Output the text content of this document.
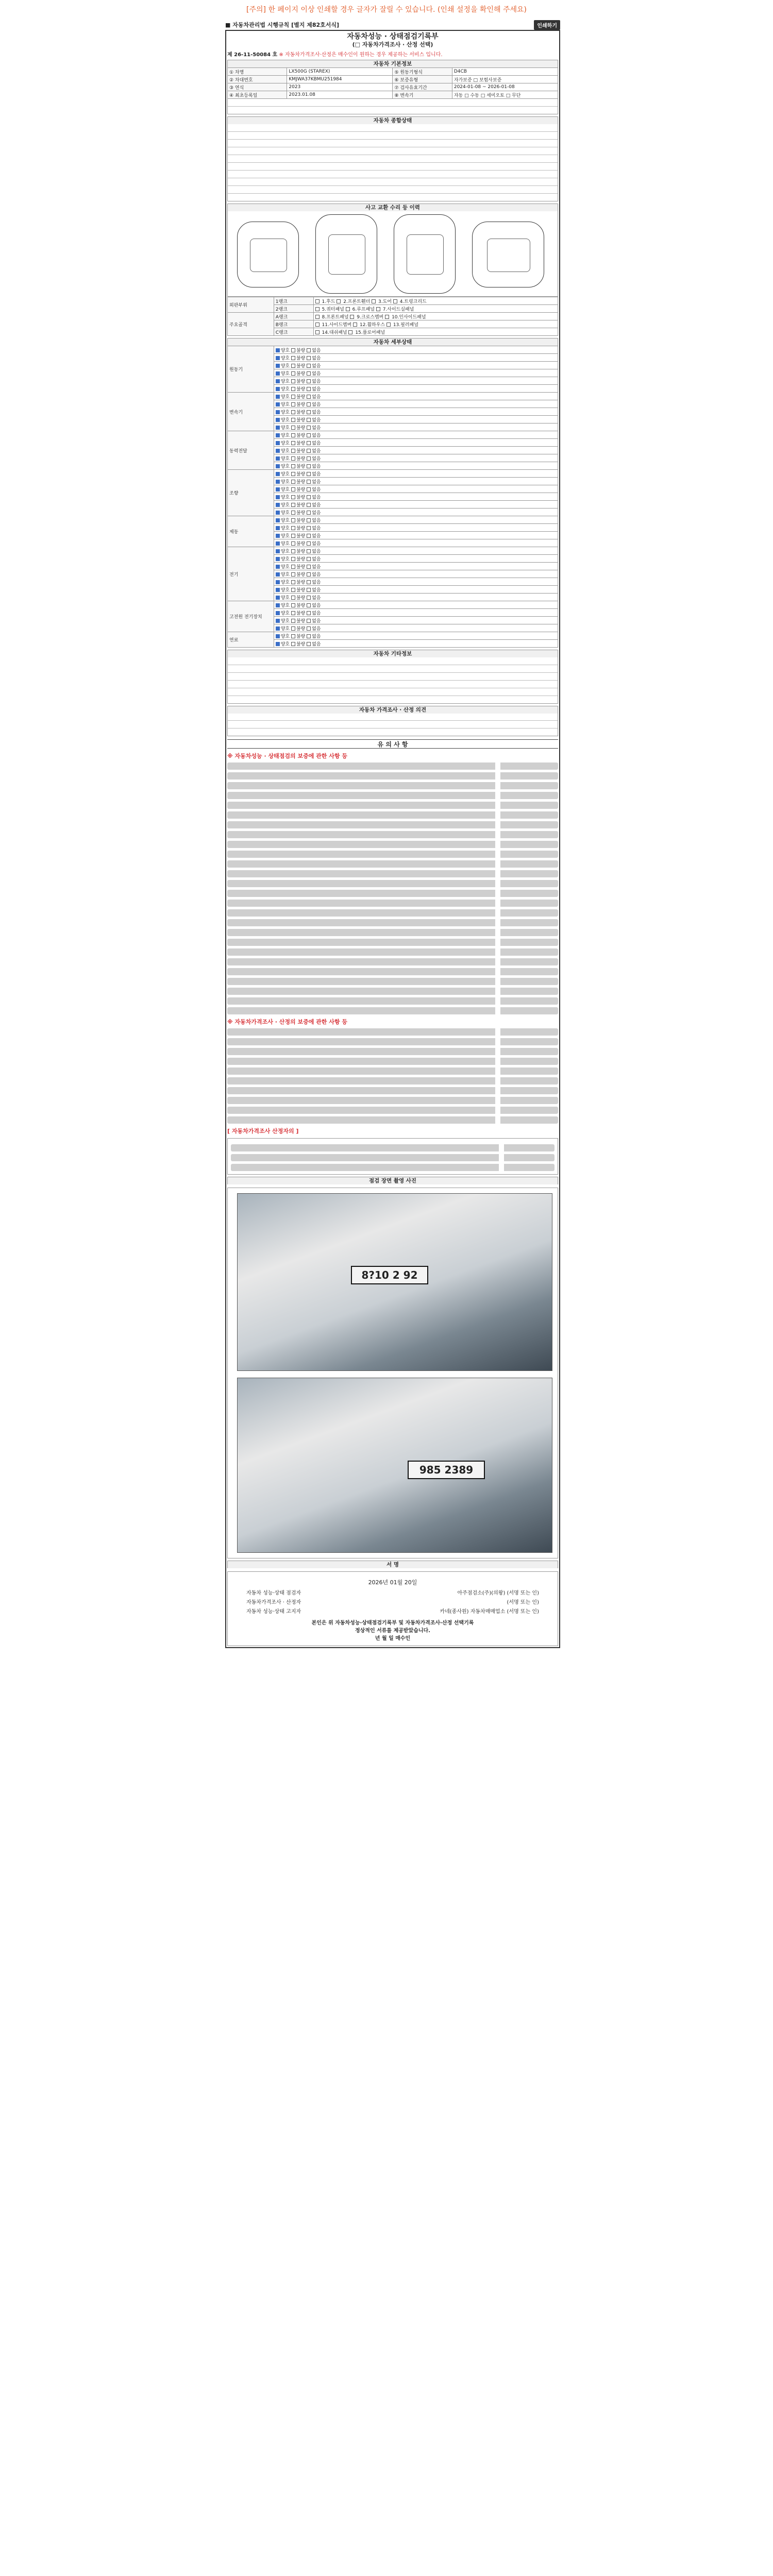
[주의] 한 페이지 이상 인쇄할 경우 글자가 잘릴 수 있습니다. (인쇄 설정을 확인해 주세요)
■ 자동차관리법 시행규칙 [별지 제82호서식]	인쇄하기
자동차성능 · 상태점검기록부
(□ 자동차가격조사 · 산정 선택)
제 26-11-50084 호 ※ 자동차가격조사·산정은 매수인이 원하는 경우 제공하는 서비스 입니다.
자동차 기본정보
① 차명	LX500G (STAREX)	⑤ 원동기형식	D4CB
② 차대번호	KMJWA37KBMU251984	⑥ 보증유형	자가보증 □ 보험사보증
③ 연식	2023	⑦ 검사유효기간	2024-01-08 ~ 2026-01-08
④ 최초등록일	2023.01.08	⑧ 변속기	자동 □ 수동 □ 세미오토 □ 무단
자동차 종합상태
사고 교환 수리 등 이력
외판부위	1랭크	1.후드  2.프론트휀더  3.도어  4.트렁크리드
	2랭크	5.쿼터패널  6.루프패널  7.사이드실패널
주요골격	A랭크	8.프론트패널  9.크로스멤버  10.인사이드패널
	B랭크	11.사이드멤버  12.휠하우스  13.필러패널
	C랭크	14.대쉬패널  15.플로어패널
자동차 세부상태
원동기	양호 불량 없음
	양호 불량 없음
	양호 불량 없음
	양호 불량 없음
	양호 불량 없음
	양호 불량 없음
변속기	양호 불량 없음
	양호 불량 없음
	양호 불량 없음
	양호 불량 없음
	양호 불량 없음
동력전달	양호 불량 없음
	양호 불량 없음
	양호 불량 없음
	양호 불량 없음
	양호 불량 없음
조향	양호 불량 없음
	양호 불량 없음
	양호 불량 없음
	양호 불량 없음
	양호 불량 없음
	양호 불량 없음
제동	양호 불량 없음
	양호 불량 없음
	양호 불량 없음
	양호 불량 없음
전기	양호 불량 없음
	양호 불량 없음
	양호 불량 없음
	양호 불량 없음
	양호 불량 없음
	양호 불량 없음
	양호 불량 없음
고전원 전기장치	양호 불량 없음
	양호 불량 없음
	양호 불량 없음
	양호 불량 없음
연료	양호 불량 없음
	양호 불량 없음
자동차 기타정보
자동차 가격조사 · 산정 의견
유 의 사 항
※ 자동차성능 · 상태점검의 보증에 관한 사항 등
※ 자동차가격조사 · 산정의 보증에 관한 사항 등
[ 자동차가격조사 산정자의 ]
점검 장면 촬영 사진
8?10 2 92
985 2389
서 명
2026년 01월 20일
자동차 성능·상태 점검자	아주점검소(주)(의왕) (서명 또는 인)
자동차가격조사 · 산정자	(서명 또는 인)
자동차 성능·상태 고지자	카네(종사원) 자동차매매업소 (서명 또는 인)
본인은 위 자동차성능·상태점검기록부 및 자동차가격조사·산정 선택기록
정상적인 서류를 제공받았습니다.
년 월 일 매수인
